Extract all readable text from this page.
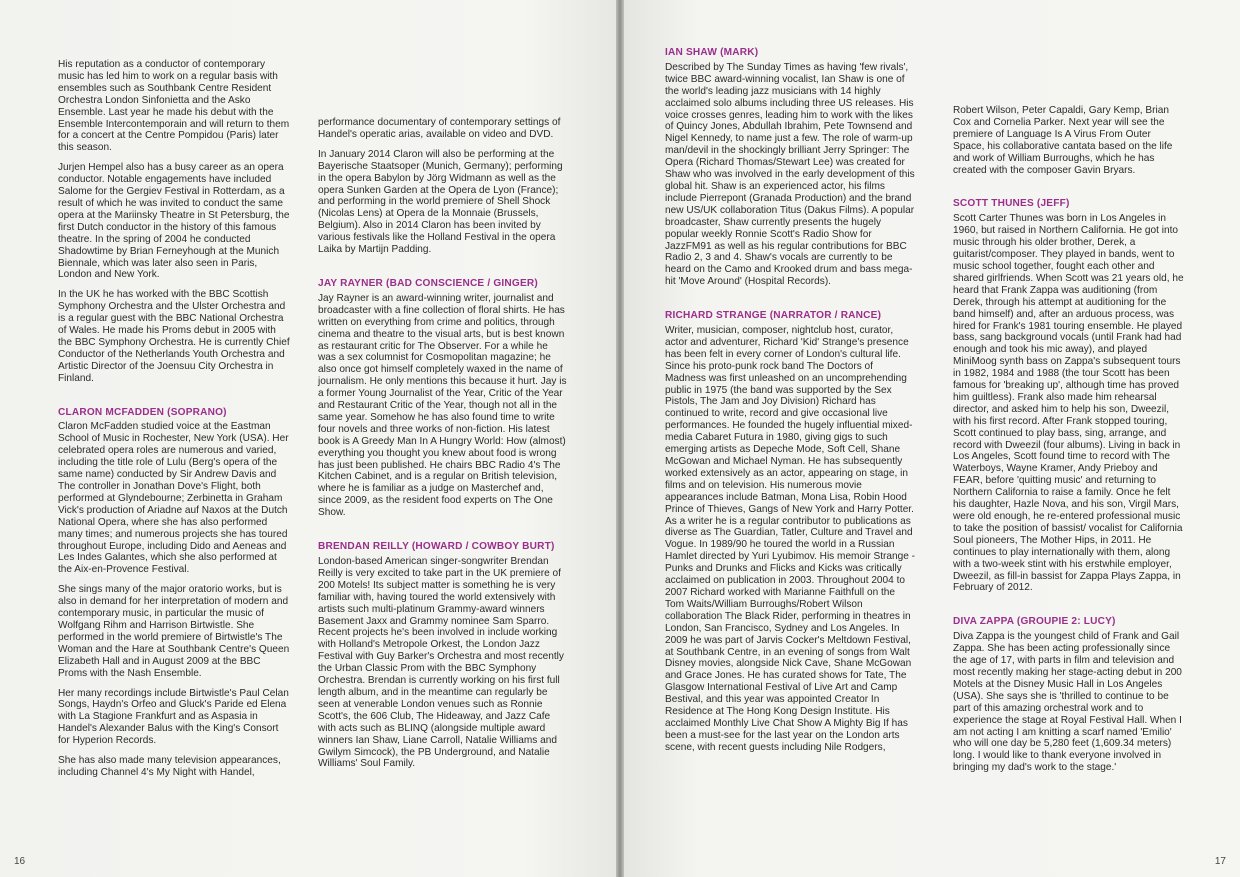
His reputation as a conductor of contemporary music has led him to work on a regular basis with ensembles such as Southbank Centre Resident Orchestra London Sinfonietta and the Asko Ensemble. Last year he made his debut with the Ensemble Intercontemporain and will return to them for a concert at the Centre Pompidou (Paris) later this season.

Jurjen Hempel also has a busy career as an opera conductor. Notable engagements have included Salome for the Gergiev Festival in Rotterdam, as a result of which he was invited to conduct the same opera at the Mariinsky Theatre in St Petersburg, the first Dutch conductor in the history of this famous theatre. In the spring of 2004 he conducted Shadowtime by Brian Ferneyhough at the Munich Biennale, which was later also seen in Paris, London and New York.

In the UK he has worked with the BBC Scottish Symphony Orchestra and the Ulster Orchestra and is a regular guest with the BBC National Orchestra of Wales. He made his Proms debut in 2005 with the BBC Symphony Orchestra. He is currently Chief Conductor of the Netherlands Youth Orchestra and Artistic Director of the Joensuu City Orchestra in Finland.

CLARON MCFADDEN (SOPRANO)

Claron McFadden studied voice at the Eastman School of Music in Rochester, New York (USA). Her celebrated opera roles are numerous and varied, including the title role of Lulu (Berg's opera of the same name) conducted by Sir Andrew Davis and The controller in Jonathan Dove's Flight, both performed at Glyndebourne; Zerbinetta in Graham Vick's production of Ariadne auf Naxos at the Dutch National Opera, where she has also performed many times; and numerous projects she has toured throughout Europe, including Dido and Aeneas and Les Indes Galantes, which she also performed at the Aix-en-Provence Festival.

She sings many of the major oratorio works, but is also in demand for her interpretation of modern and contemporary music, in particular the music of Wolfgang Rihm and Harrison Birtwistle. She performed in the world premiere of Birtwistle's The Woman and the Hare at Southbank Centre's Queen Elizabeth Hall and in August 2009 at the BBC Proms with the Nash Ensemble.

Her many recordings include Birtwistle's Paul Celan Songs, Haydn's Orfeo and Gluck's Paride ed Elena with La Stagione Frankfurt and as Aspasia in Handel's Alexander Balus with the King's Consort for Hyperion Records.

She has also made many television appearances, including Channel 4's My Night with Handel,

performance documentary of contemporary settings of Handel's operatic arias, available on video and DVD.

In January 2014 Claron will also be performing at the Bayerische Staatsoper (Munich, Germany); performing in the opera Babylon by Jörg Widmann as well as the opera Sunken Garden at the Opera de Lyon (France); and performing in the world premiere of Shell Shock (Nicolas Lens) at Opera de la Monnaie (Brussels, Belgium). Also in 2014 Claron has been invited by various festivals like the Holland Festival in the opera Laika by Martijn Padding.

JAY RAYNER (BAD CONSCIENCE / GINGER)

Jay Rayner is an award-winning writer, journalist and broadcaster with a fine collection of floral shirts. He has written on everything from crime and politics, through cinema and theatre to the visual arts, but is best known as restaurant critic for The Observer. For a while he was a sex columnist for Cosmopolitan magazine; he also once got himself completely waxed in the name of journalism. He only mentions this because it hurt. Jay is a former Young Journalist of the Year, Critic of the Year and Restaurant Critic of the Year, though not all in the same year. Somehow he has also found time to write four novels and three works of non-fiction. His latest book is A Greedy Man In A Hungry World: How (almost) everything you thought you knew about food is wrong has just been published. He chairs BBC Radio 4's The Kitchen Cabinet, and is a regular on British television, where he is familiar as a judge on Masterchef and, since 2009, as the resident food experts on The One Show.

BRENDAN REILLY (HOWARD / COWBOY BURT)

London-based American singer-songwriter Brendan Reilly is very excited to take part in the UK premiere of 200 Motels! Its subject matter is something he is very familiar with, having toured the world extensively with artists such multi-platinum Grammy-award winners Basement Jaxx and Grammy nominee Sam Sparro. Recent projects he's been involved in include working with Holland's Metropole Orkest, the London Jazz Festival with Guy Barker's Orchestra and most recently the Urban Classic Prom with the BBC Symphony Orchestra. Brendan is currently working on his first full length album, and in the meantime can regularly be seen at venerable London venues such as Ronnie Scott's, the 606 Club, The Hideaway, and Jazz Cafe with acts such as BLINQ (alongside multiple award winners Ian Shaw, Liane Carroll, Natalie Williams and Gwilym Simcock), the PB Underground, and Natalie Williams' Soul Family.

16
IAN SHAW (MARK)

Described by The Sunday Times as having 'few rivals', twice BBC award-winning vocalist, Ian Shaw is one of the world's leading jazz musicians with 14 highly acclaimed solo albums including three US releases. His voice crosses genres, leading him to work with the likes of Quincy Jones, Abdullah Ibrahim, Pete Townsend and Nigel Kennedy, to name just a few. The role of warm-up man/devil in the shockingly brilliant Jerry Springer: The Opera (Richard Thomas/Stewart Lee) was created for Shaw who was involved in the early development of this global hit. Shaw is an experienced actor, his films include Pierrepont (Granada Production) and the brand new US/UK collaboration Titus (Dakus Films). A popular broadcaster, Shaw currently presents the hugely popular weekly Ronnie Scott's Radio Show for JazzFM91 as well as his regular contributions for BBC Radio 2, 3 and 4. Shaw's vocals are currently to be heard on the Camo and Krooked drum and bass mega-hit 'Move Around' (Hospital Records).

RICHARD STRANGE (NARRATOR / RANCE)

Writer, musician, composer, nightclub host, curator, actor and adventurer, Richard 'Kid' Strange's presence has been felt in every corner of London's cultural life. Since his proto-punk rock band The Doctors of Madness was first unleashed on an uncomprehending public in 1975 (the band was supported by the Sex Pistols, The Jam and Joy Division) Richard has continued to write, record and give occasional live performances. He founded the hugely influential mixed-media Cabaret Futura in 1980, giving gigs to such emerging artists as Depeche Mode, Soft Cell, Shane McGowan and Michael Nyman. He has subsequently worked extensively as an actor, appearing on stage, in films and on television. His numerous movie appearances include Batman, Mona Lisa, Robin Hood Prince of Thieves, Gangs of New York and Harry Potter. As a writer he is a regular contributor to publications as diverse as The Guardian, Tatler, Culture and Travel and Vogue. In 1989/90 he toured the world in a Russian Hamlet directed by Yuri Lyubimov. His memoir Strange - Punks and Drunks and Flicks and Kicks was critically acclaimed on publication in 2003. Throughout 2004 to 2007 Richard worked with Marianne Faithfull on the Tom Waits/William Burroughs/Robert Wilson collaboration The Black Rider, performing in theatres in London, San Francisco, Sydney and Los Angeles. In 2009 he was part of Jarvis Cocker's Meltdown Festival, at Southbank Centre, in an evening of songs from Walt Disney movies, alongside Nick Cave, Shane McGowan and Grace Jones. He has curated shows for Tate, The Glasgow International Festival of Live Art and Camp Bestival, and this year was appointed Creator In Residence at The Hong Kong Design Institute. His acclaimed Monthly Live Chat Show A Mighty Big If has been a must-see for the last year on the London arts scene, with recent guests including Nile Rodgers,

Robert Wilson, Peter Capaldi, Gary Kemp, Brian Cox and Cornelia Parker. Next year will see the premiere of Language Is A Virus From Outer Space, his collaborative cantata based on the life and work of William Burroughs, which he has created with the composer Gavin Bryars.

SCOTT THUNES (JEFF)

Scott Carter Thunes was born in Los Angeles in 1960, but raised in Northern California. He got into music through his older brother, Derek, a guitarist/composer. They played in bands, went to music school together, fought each other and shared girlfriends. When Scott was 21 years old, he heard that Frank Zappa was auditioning (from Derek, through his attempt at auditioning for the band himself) and, after an arduous process, was hired for Frank's 1981 touring ensemble. He played bass, sang background vocals (until Frank had had enough and took his mic away), and played MiniMoog synth bass on Zappa's subsequent tours in 1982, 1984 and 1988 (the tour Scott has been famous for 'breaking up', although time has proved him guiltless). Frank also made him rehearsal director, and asked him to help his son, Dweezil, with his first record. After Frank stopped touring, Scott continued to play bass, sing, arrange, and record with Dweezil (four albums). Living in back in Los Angeles, Scott found time to record with The Waterboys, Wayne Kramer, Andy Prieboy and FEAR, before 'quitting music' and returning to Northern California to raise a family. Once he felt his daughter, Hazle Nova, and his son, Virgil Mars, were old enough, he re-entered professional music to take the position of bassist/ vocalist for California Soul pioneers, The Mother Hips, in 2011. He continues to play internationally with them, along with a two-week stint with his erstwhile employer, Dweezil, as fill-in bassist for Zappa Plays Zappa, in February of 2012.

DIVA ZAPPA (GROUPIE 2: LUCY)

Diva Zappa is the youngest child of Frank and Gail Zappa. She has been acting professionally since the age of 17, with parts in film and television and most recently making her stage-acting debut in 200 Motels at the Disney Music Hall in Los Angeles (USA). She says she is 'thrilled to continue to be part of this amazing orchestral work and to experience the stage at Royal Festival Hall. When I am not acting I am knitting a scarf named 'Emilio' who will one day be 5,280 feet (1,609.34 meters) long. I would like to thank everyone involved in bringing my dad's work to the stage.'

17
